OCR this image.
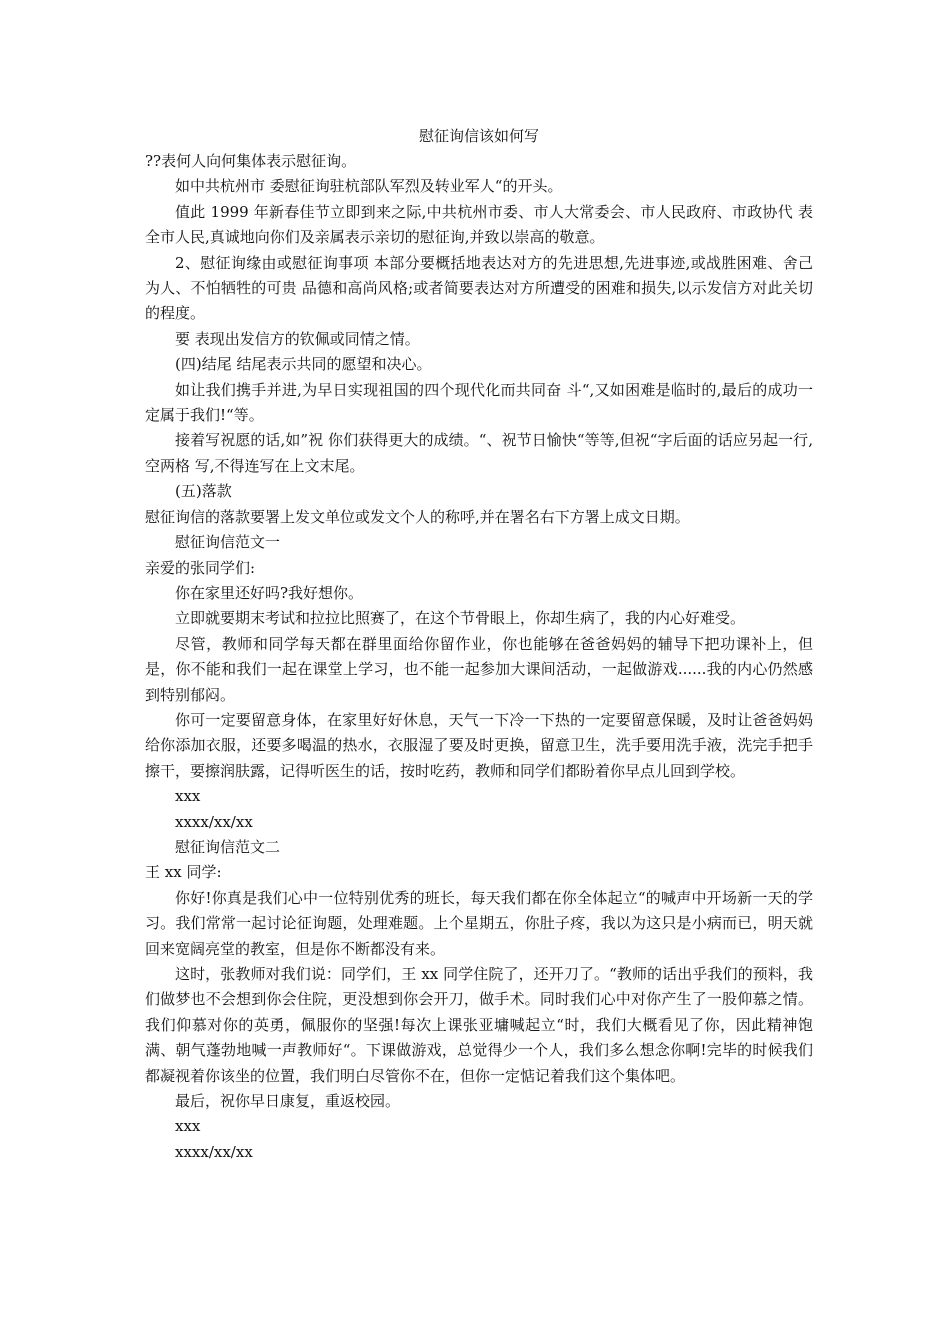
慰征询信该如何写

??表何人向何集体表示慰征询。

如中共杭州市 委慰征询驻杭部队军烈及转业军人“的开头。

值此 1999 年新春佳节立即到来之际,中共杭州市委、市人大常委会、市人民政府、市政协代 表全市人民,真诚地向你们及亲属表示亲切的慰征询,并致以崇高的敬意。

2、慰征询缘由或慰征询事项 本部分要概括地表达对方的先进思想,先进事迹,或战胜困难、舍己为人、不怕牺牲的可贵 品德和高尚风格;或者简要表达对方所遭受的困难和损失,以示发信方对此关切的程度。

要 表现出发信方的钦佩或同情之情。

(四)结尾 结尾表示共同的愿望和决心。

如让我们携手并进,为早日实现祖国的四个现代化而共同奋 斗“,又如困难是临时的,最后的成功一定属于我们!“等。

接着写祝愿的话,如”祝 你们获得更大的成绩。“、祝节日愉快“等等,但祝“字后面的话应另起一行,空两格 写,不得连写在上文末尾。

(五)落款

慰征询信的落款要署上发文单位或发文个人的称呼,并在署名右下方署上成文日期。

慰征询信范文一

亲爱的张同学们:

你在家里还好吗?我好想你。

立即就要期末考试和拉拉比照赛了，在这个节骨眼上，你却生病了，我的内心好难受。

尽管，教师和同学每天都在群里面给你留作业，你也能够在爸爸妈妈的辅导下把功课补上，但是，你不能和我们一起在课堂上学习，也不能一起参加大课间活动，一起做游戏......我的内心仍然感到特别郁闷。

你可一定要留意身体，在家里好好休息，天气一下冷一下热的一定要留意保暖，及时让爸爸妈妈给你添加衣服，还要多喝温的热水，衣服湿了要及时更换，留意卫生，洗手要用洗手液，洗完手把手擦干，要擦润肤露，记得听医生的话，按时吃药，教师和同学们都盼着你早点儿回到学校。

xxx

xxxx/xx/xx

慰征询信范文二

王 xx 同学:

你好!你真是我们心中一位特别优秀的班长，每天我们都在你全体起立“的喊声中开场新一天的学习。我们常常一起讨论征询题，处理难题。上个星期五，你肚子疼，我以为这只是小病而已，明天就回来宽阔亮堂的教室，但是你不断都没有来。

这时，张教师对我们说：同学们，王 xx 同学住院了，还开刀了。“教师的话出乎我们的预料，我们做梦也不会想到你会住院，更没想到你会开刀，做手术。同时我们心中对你产生了一股仰慕之情。我们仰慕对你的英勇，佩服你的坚强!每次上课张亚墉喊起立“时，我们大概看见了你，因此精神饱满、朝气蓬勃地喊一声教师好“。下课做游戏，总觉得少一个人，我们多么想念你啊!完毕的时候我们都凝视着你该坐的位置，我们明白尽管你不在，但你一定惦记着我们这个集体吧。

最后，祝你早日康复，重返校园。

xxx

xxxx/xx/xx
